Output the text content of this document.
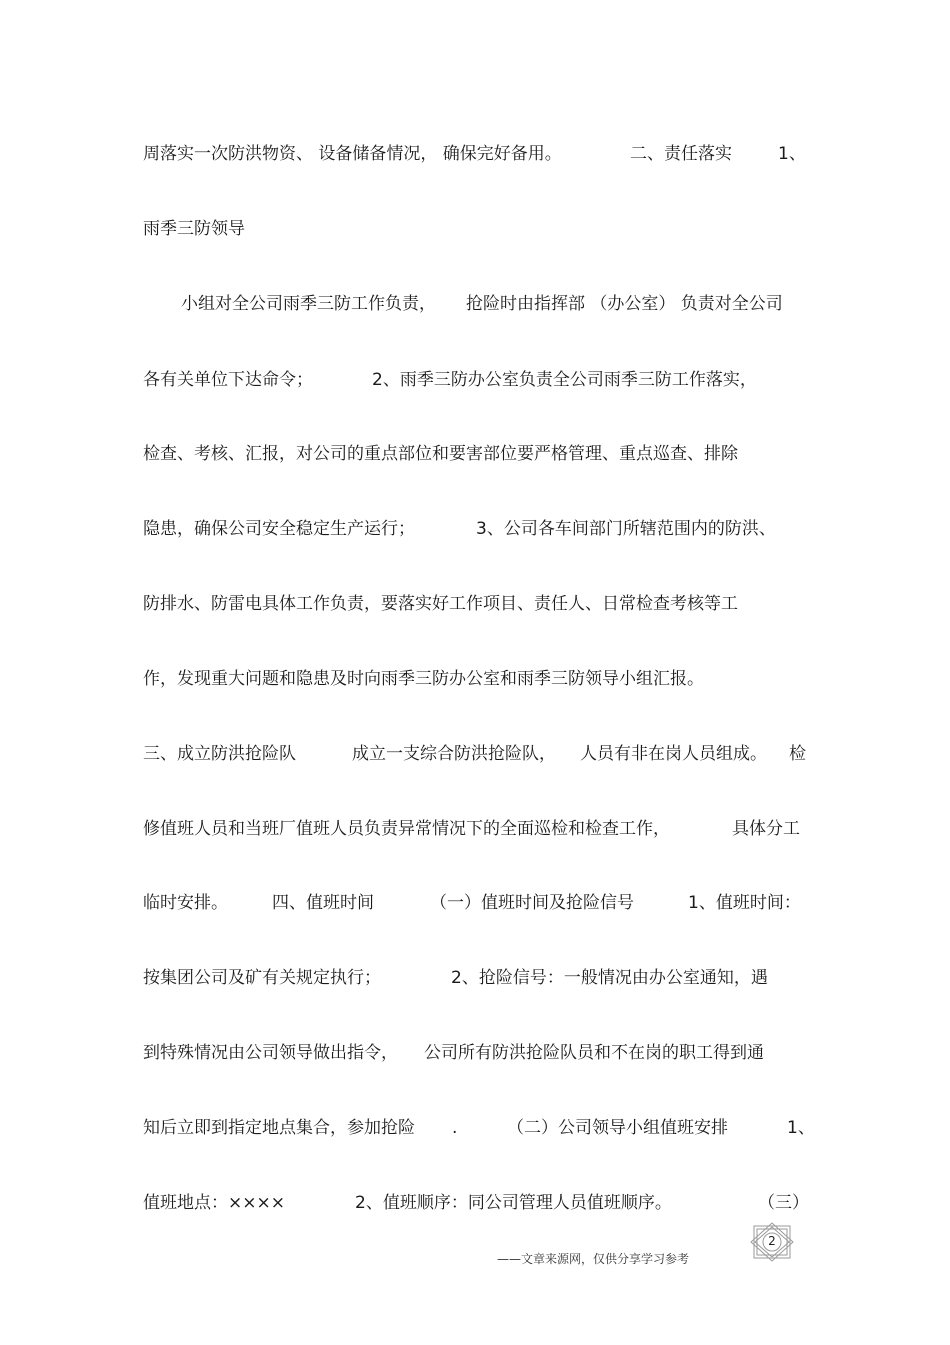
周落实一次防洪物资、 设备储备情况， 确保完好备用。

	二、责任落实

	1、

雨季三防领导

小组对全公司雨季三防工作负责，

抢险时由指挥部 （办公室） 负责对全公司

各有关单位下达命令；

	2、雨季三防办公室负责全公司雨季三防工作落实，

检查、考核、汇报，对公司的重点部位和要害部位要严格管理、重点巡查、排除

隐患，确保公司安全稳定生产运行；

	3、公司各车间部门所辖范围内的防洪、

防排水、防雷电具体工作负责，要落实好工作项目、责任人、日常检查考核等工

作，发现重大问题和隐患及时向雨季三防办公室和雨季三防领导小组汇报。

三、成立防洪抢险队

	成立一支综合防洪抢险队，

人员有非在岗人员组成。

检

修值班人员和当班厂值班人员负责异常情况下的全面巡检和检查工作，

	具体分工

临时安排。

	四、值班时间

	（一）值班时间及抢险信号

	1、值班时间：

按集团公司及矿有关规定执行；

	2、抢险信号：一般情况由办公室通知，遇

到特殊情况由公司领导做出指令，

公司所有防洪抢险队员和不在岗的职工得到通

知后立即到指定地点集合，参加抢险

.

	（二）公司领导小组值班安排

	1、

值班地点：××××

	2、值班顺序：同公司管理人员值班顺序。

	（三）

2
——文章来源网，仅供分享学习参考
